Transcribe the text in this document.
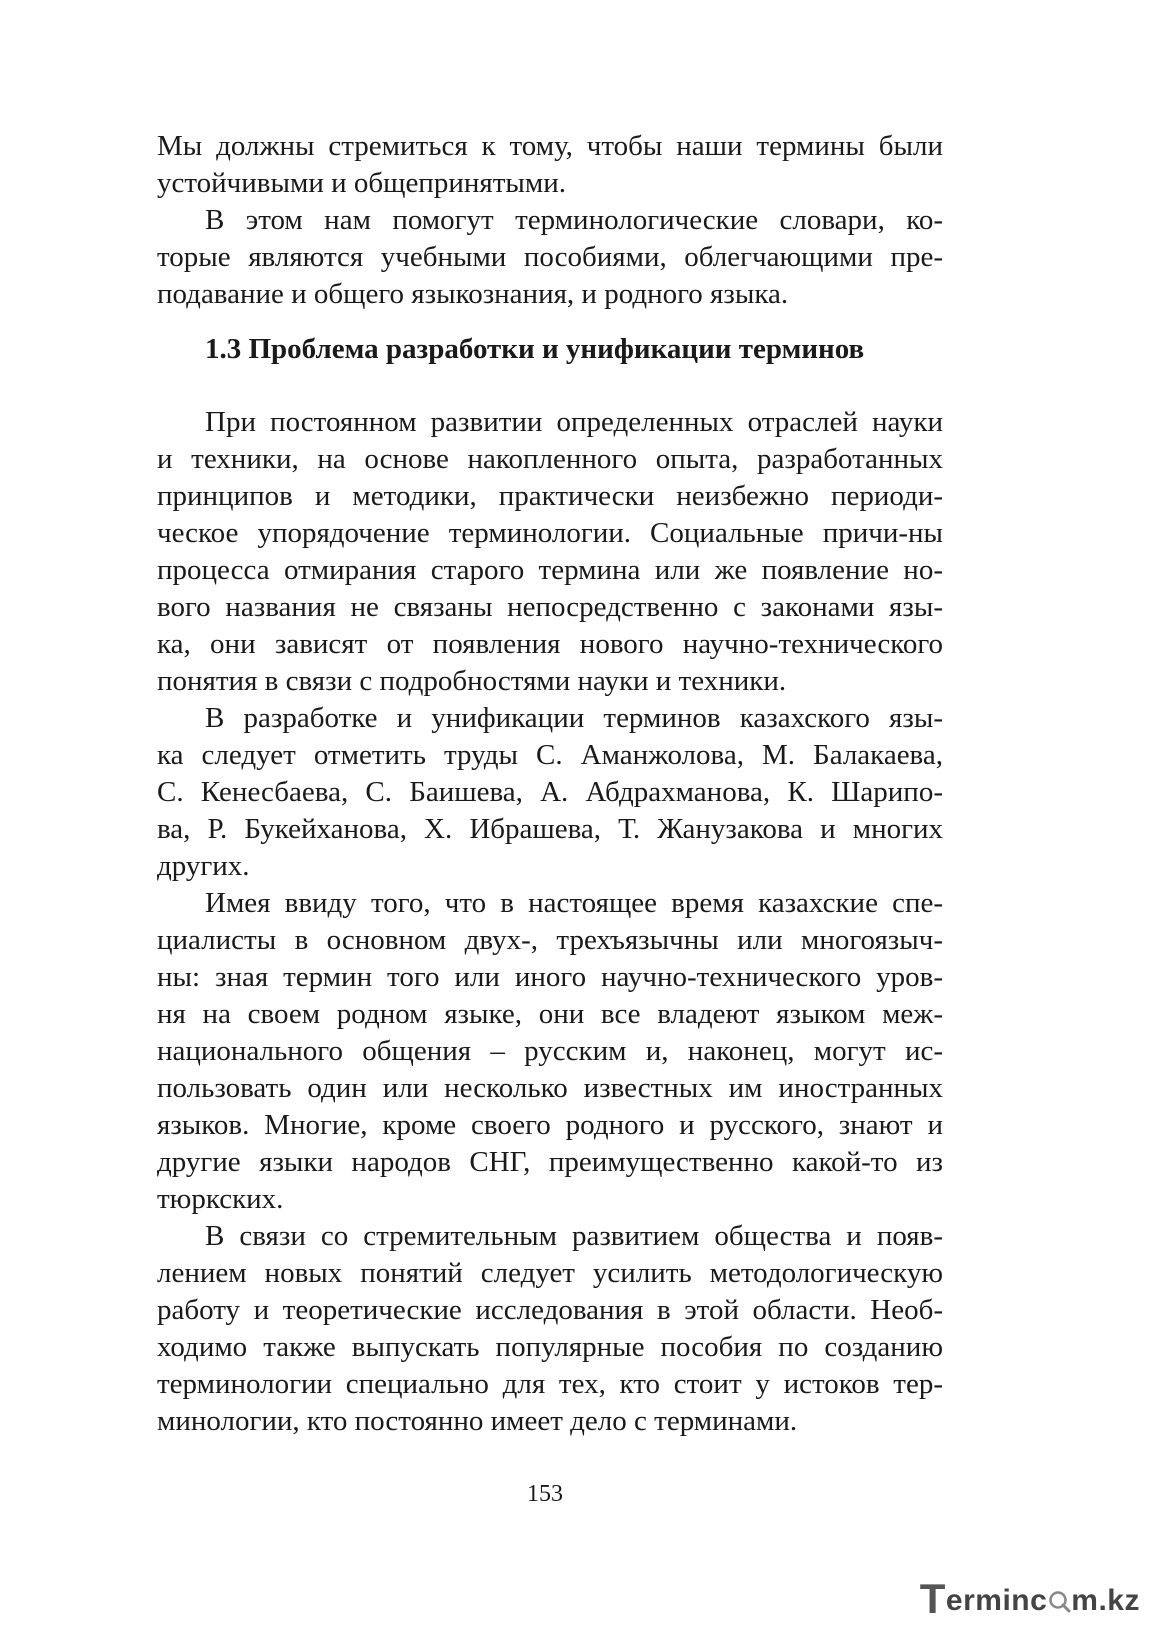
Мы должны стремиться к тому, чтобы наши термины были
устойчивыми и общепринятыми.
В этом нам помогут терминологические словари, ко-
торые являются учебными пособиями, облегчающими пре-
подавание и общего языкознания, и родного языка.
1.3 Проблема разработки и унификации терминов
При постоянном развитии определенных отраслей науки
и техники, на основе накопленного опыта, разработанных
принципов и методики, практически неизбежно периоди-
ческое упорядочение терминологии. Социальные причи-ны
процесса отмирания старого термина или же появление но-
вого названия не связаны непосредственно с законами язы-
ка, они зависят от появления нового научно-технического
понятия в связи с подробностями науки и техники.
В разработке и унификации терминов казахского язы-
ка следует отметить труды С. Аманжолова, М. Балакаева,
С. Кенесбаева, С. Баишева, А. Абдрахманова, К. Шарипо-
ва, Р. Букейханова, Х. Ибрашева, Т. Жанузакова и многих
других.
Имея ввиду того, что в настоящее время казахские спе-
циалисты в основном двух-, трехъязычны или многоязыч-
ны: зная термин того или иного научно-технического уров-
ня на своем родном языке, они все владеют языком меж-
национального общения – русским и, наконец, могут ис-
пользовать один или несколько известных им иностранных
языков. Многие, кроме своего родного и русского, знают и
другие языки народов СНГ, преимущественно какой-то из
тюркских.
В связи со стремительным развитием общества и появ-
лением новых понятий следует усилить методологическую
работу и теоретические исследования в этой области. Необ-
ходимо также выпускать популярные пособия по созданию
терминологии специально для тех, кто стоит у истоков тер-
минологии, кто постоянно имеет дело с терминами.
153
Terminc m.kz
